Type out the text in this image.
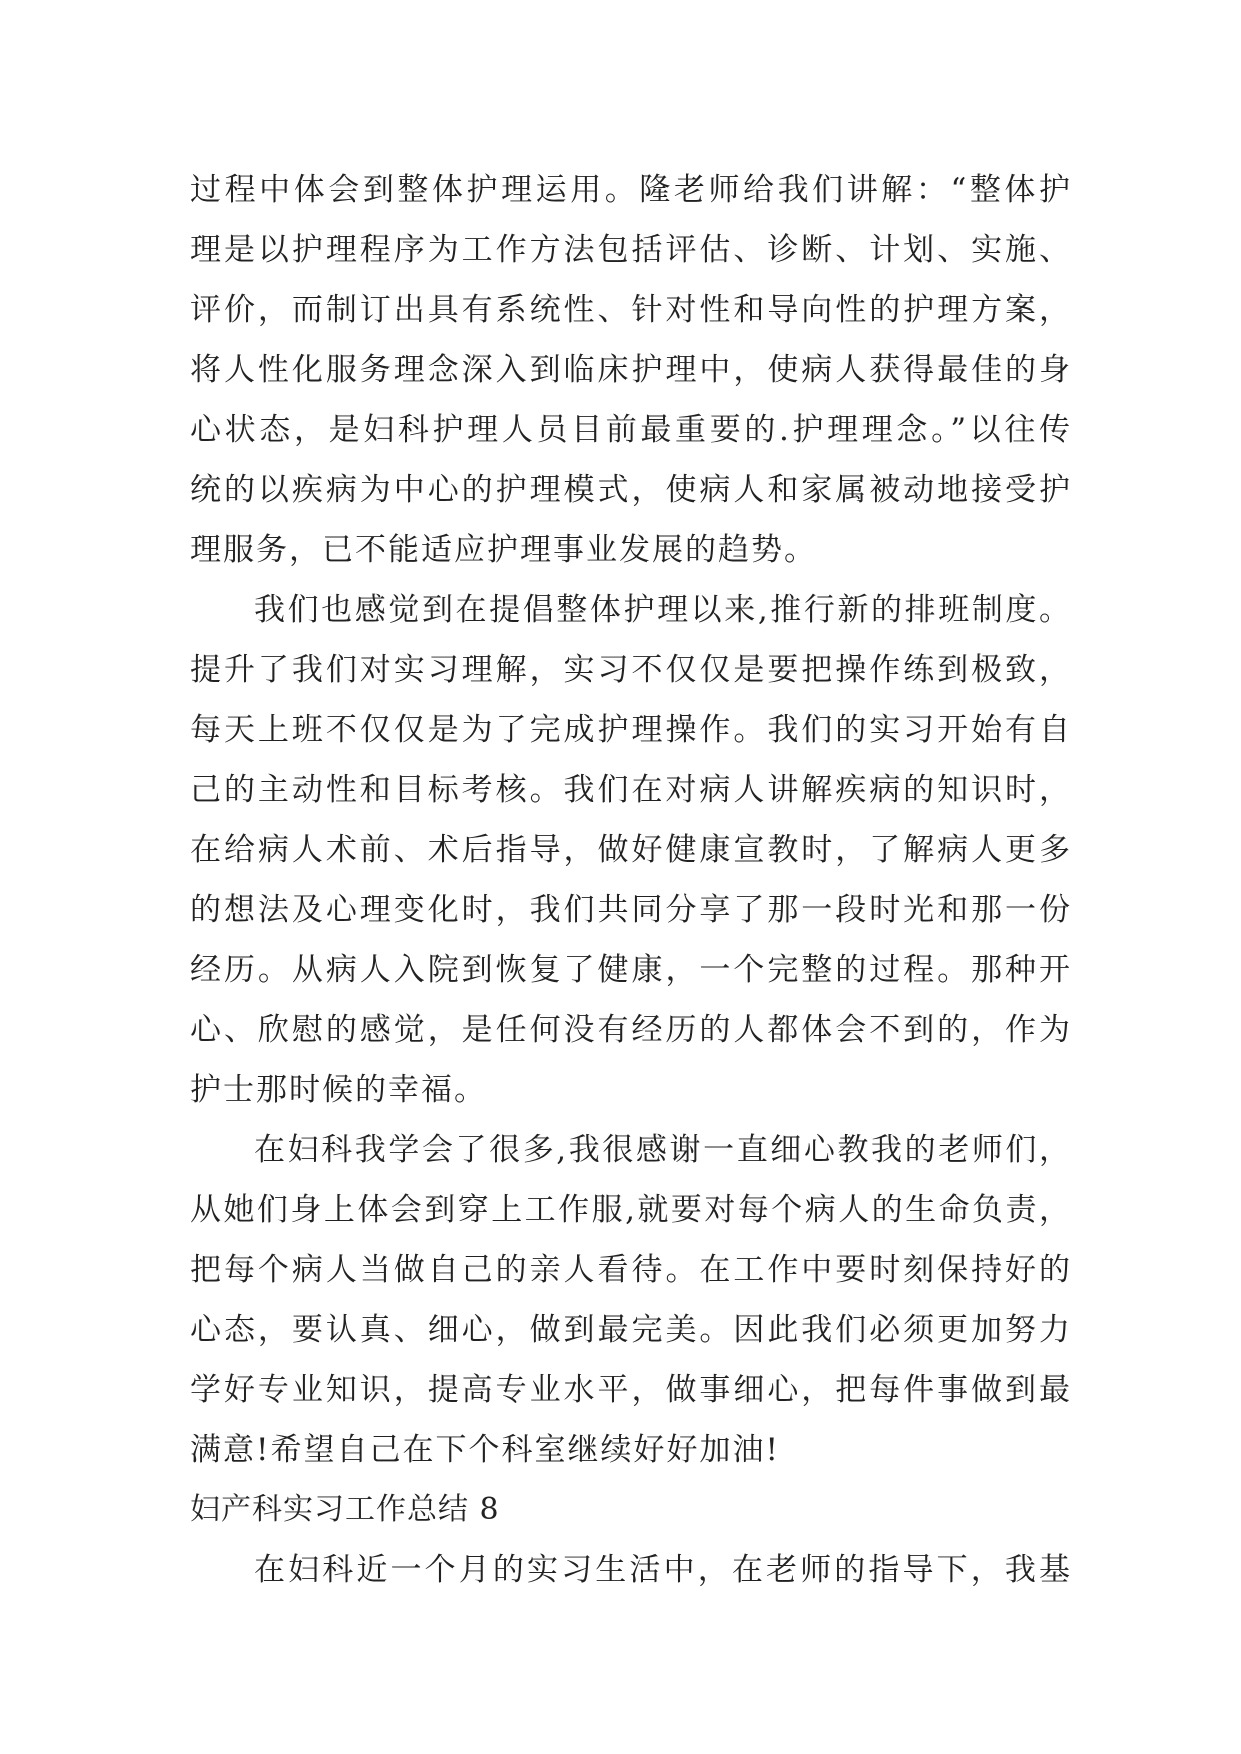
过程中体会到整体护理运用。隆老师给我们讲解：“整体护
理是以护理程序为工作方法包括评估、诊断、计划、实施、
评价，而制订出具有系统性、针对性和导向性的护理方案，
将人性化服务理念深入到临床护理中，使病人获得最佳的身
心状态，是妇科护理人员目前最重要的.护理理念。”以往传
统的以疾病为中心的护理模式，使病人和家属被动地接受护
理服务，已不能适应护理事业发展的趋势。
我们也感觉到在提倡整体护理以来,推行新的排班制度。
提升了我们对实习理解，实习不仅仅是要把操作练到极致，
每天上班不仅仅是为了完成护理操作。我们的实习开始有自
己的主动性和目标考核。我们在对病人讲解疾病的知识时，
在给病人术前、术后指导，做好健康宣教时，了解病人更多
的想法及心理变化时，我们共同分享了那一段时光和那一份
经历。从病人入院到恢复了健康，一个完整的过程。那种开
心、欣慰的感觉，是任何没有经历的人都体会不到的，作为
护士那时候的幸福。
在妇科我学会了很多,我很感谢一直细心教我的老师们，
从她们身上体会到穿上工作服,就要对每个病人的生命负责，
把每个病人当做自己的亲人看待。在工作中要时刻保持好的
心态，要认真、细心，做到最完美。因此我们必须更加努力
学好专业知识，提高专业水平，做事细心，把每件事做到最
满意!希望自己在下个科室继续好好加油!
妇产科实习工作总结 8
在妇科近一个月的实习生活中，在老师的指导下，我基
